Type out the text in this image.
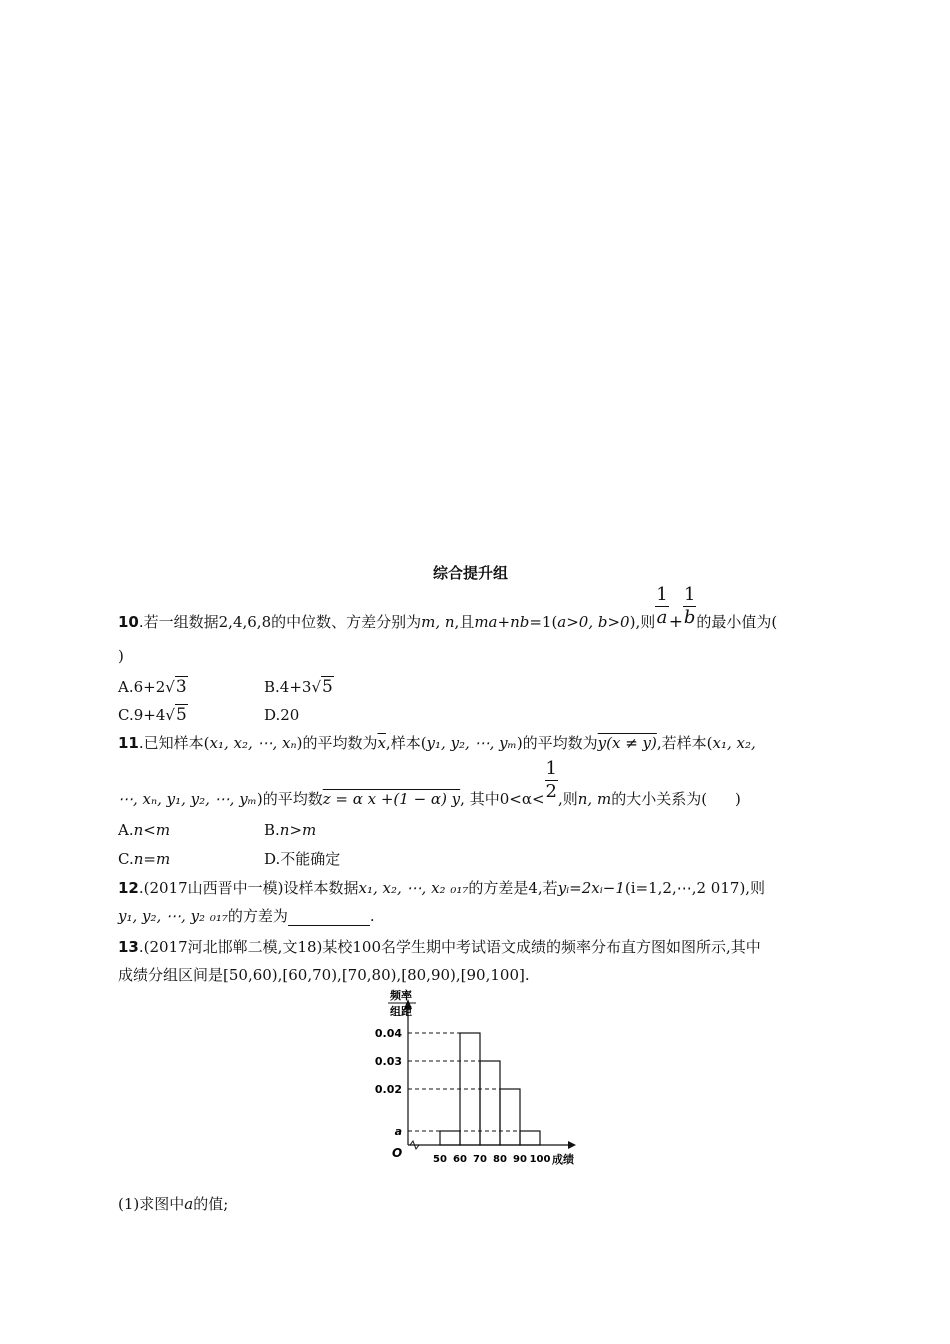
综合提升组
10.若一组数据2,4,6,8的中位数、方差分别为m, n,且ma+nb=1(a>0, b>0),则 $\frac{1}{a} + \frac{1}{b}$ 的最小值为(
)
A.6+2√3	B.4+3√5
C.9+4√5	D.20
11.已知样本(x₁, x₂, ⋯, xₙ)的平均数为$\overline{x}$,样本(y₁, y₂, ⋯, yₘ)的平均数为y(x ≠ y),若样本(x₁, x₂,
⋯, xₙ, y₁, y₂, ⋯, yₘ)的平均数z = α x +(1 − α) y, 其中$0<\alpha< \frac{1}{2}$ ,则n, m的大小关系为( )
A.n<m	B.n>m
C.n=m	D.不能确定
12.(2017山西晋中一模)设样本数据x₁, x₂, ⋯, x₂ ₀₁₇的方差是4,若yᵢ=2xᵢ−1(i=1,2,⋯,2 017),则
y₁, y₂, ⋯, y₂ ₀₁₇的方差为	.
13.(2017河北邯郸二模,文18)某校100名学生期中考试语文成绩的频率分布直方图如图所示,其中
成绩分组区间是[50,60),[60,70),[70,80),[80,90),[90,100].
频率
组距
a
0.02
0.03
0.04
50 60 70 80 90 100 成绩
O
(1)求图中a的值;
